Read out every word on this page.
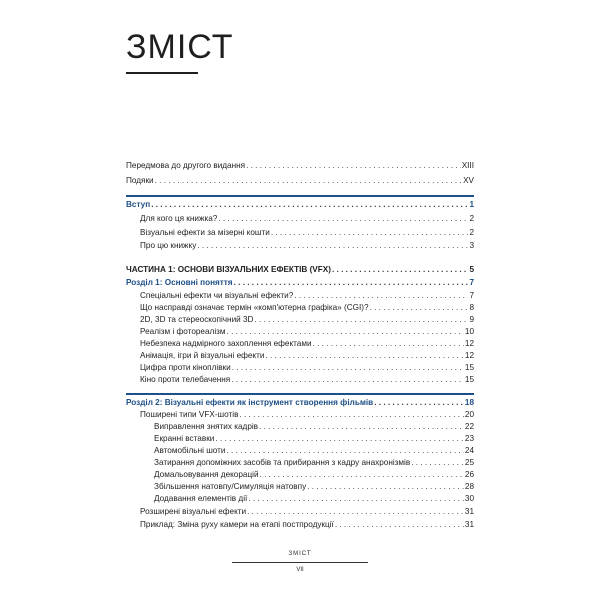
ЗМІСТ
Передмова до другого видання . . .	XIII
Подяки . . .	XV
Вступ . . .	1
Для кого ця книжка? . . .	2
Візуальні ефекти за мізерні кошти . . .	2
Про цю книжку . . .	3
ЧАСТИНА 1: ОСНОВИ ВІЗУАЛЬНИХ ЕФЕКТІВ (VFX) . . .	5
Розділ 1: Основні поняття . . .	7
Спеціальні ефекти чи візуальні ефекти? . . .	7
Що насправді означає термін «комп'ютерна графіка» (CGI)? . . .	8
2D, 3D та стереоскопічний 3D . . .	9
Реалізм і фотореалізм . . .	10
Небезпека надмірного захоплення ефектами . . .	12
Анімація, ігри й візуальні ефекти . . .	12
Цифра проти кіноплівки . . .	15
Кіно проти телебачення . . .	15
Розділ 2: Візуальні ефекти як інструмент створення фільмів . . .	18
Поширені типи VFX-шотів . . .	20
Виправлення знятих кадрів . . .	22
Екранні вставки . . .	23
Автомобільні шоти . . .	24
Затирання допоміжних засобів та прибирання з кадру анахронізмів . . .	25
Домальовування декорацій . . .	26
Збільшення натовпу/Симуляція натовпу . . .	28
Додавання елементів дії . . .	30
Розширені візуальні ефекти . . .	31
Приклад: Зміна руху камери на етапі постпродукції . . .	31
ЗМІСТ
VII
